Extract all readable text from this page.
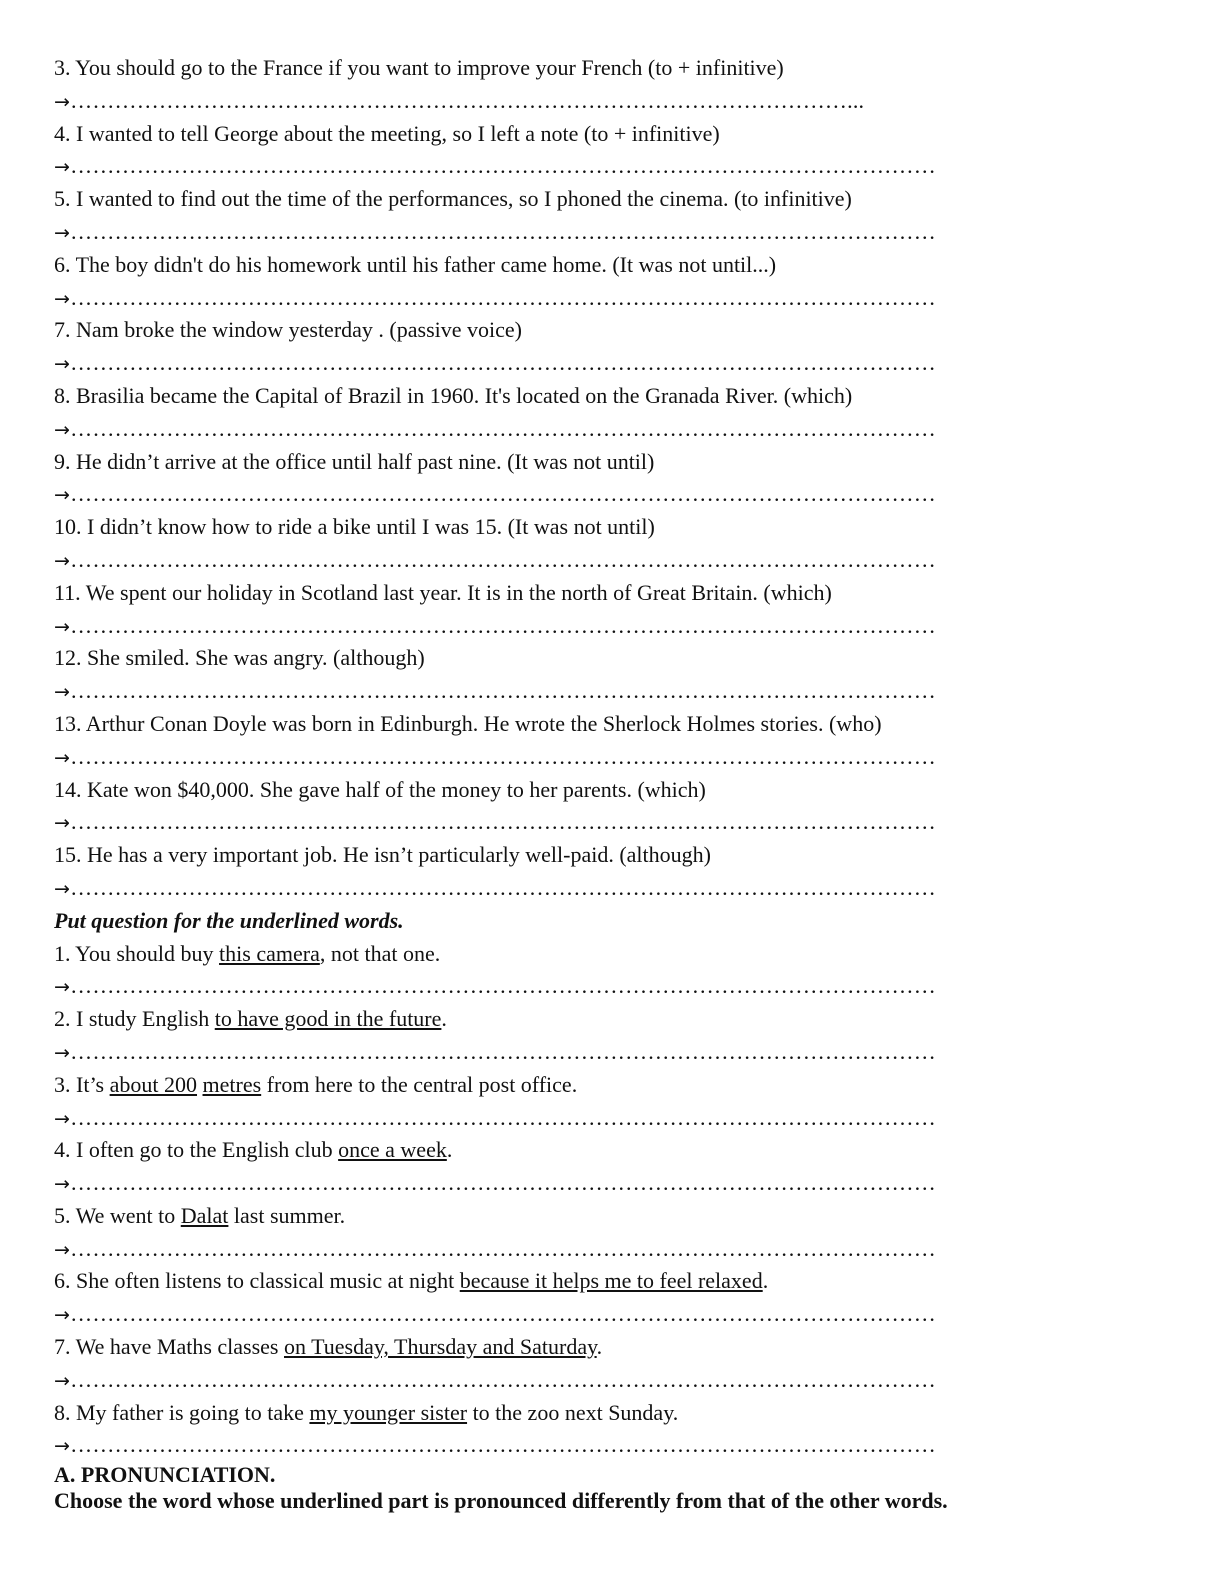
3. You should go to the France if you want to improve your French (to + infinitive)
→……………………………………………………………………………………………...
4. I wanted to tell George about the meeting, so I left a note (to + infinitive)
→………………………………………………………………………………………………………
5. I wanted to find out the time of the performances, so I phoned the cinema. (to infinitive)
→………………………………………………………………………………………………………
6. The boy didn't do his homework until his father came home. (It was not until...)
→………………………………………………………………………………………………………
7. Nam broke the window yesterday . (passive voice)
→………………………………………………………………………………………………………
8. Brasilia became the Capital of Brazil in 1960. It's located on the Granada River. (which)
→………………………………………………………………………………………………………
9. He didn’t arrive at the office until half past nine. (It was not until)
→………………………………………………………………………………………………………
10. I didn’t know how to ride a bike until I was 15. (It was not until)
→………………………………………………………………………………………………………
11. We spent our holiday in Scotland last year. It is in the north of Great Britain. (which)
→………………………………………………………………………………………………………
12. She smiled. She was angry. (although)
→………………………………………………………………………………………………………
13. Arthur Conan Doyle was born in Edinburgh. He wrote the Sherlock Holmes stories. (who)
→………………………………………………………………………………………………………
14. Kate won $40,000. She gave half of the money to her parents. (which)
→………………………………………………………………………………………………………
15. He has a very important job. He isn’t particularly well-paid. (although)
→………………………………………………………………………………………………………
Put question for the underlined words.
1. You should buy this camera, not that one.
→………………………………………………………………………………………………………
2. I study English to have good in the future.
→………………………………………………………………………………………………………
3. It’s about 200 metres from here to the central post office.
→………………………………………………………………………………………………………
4. I often go to the English club once a week.
→………………………………………………………………………………………………………
5. We went to Dalat last summer.
→………………………………………………………………………………………………………
6. She often listens to classical music at night because it helps me to feel relaxed.
→………………………………………………………………………………………………………
7. We have Maths classes on Tuesday, Thursday and Saturday.
→………………………………………………………………………………………………………
8. My father is going to take my younger sister to the zoo next Sunday.
→………………………………………………………………………………………………………
A. PRONUNCIATION.
Choose the word whose underlined part is pronounced differently from that of the other words.
